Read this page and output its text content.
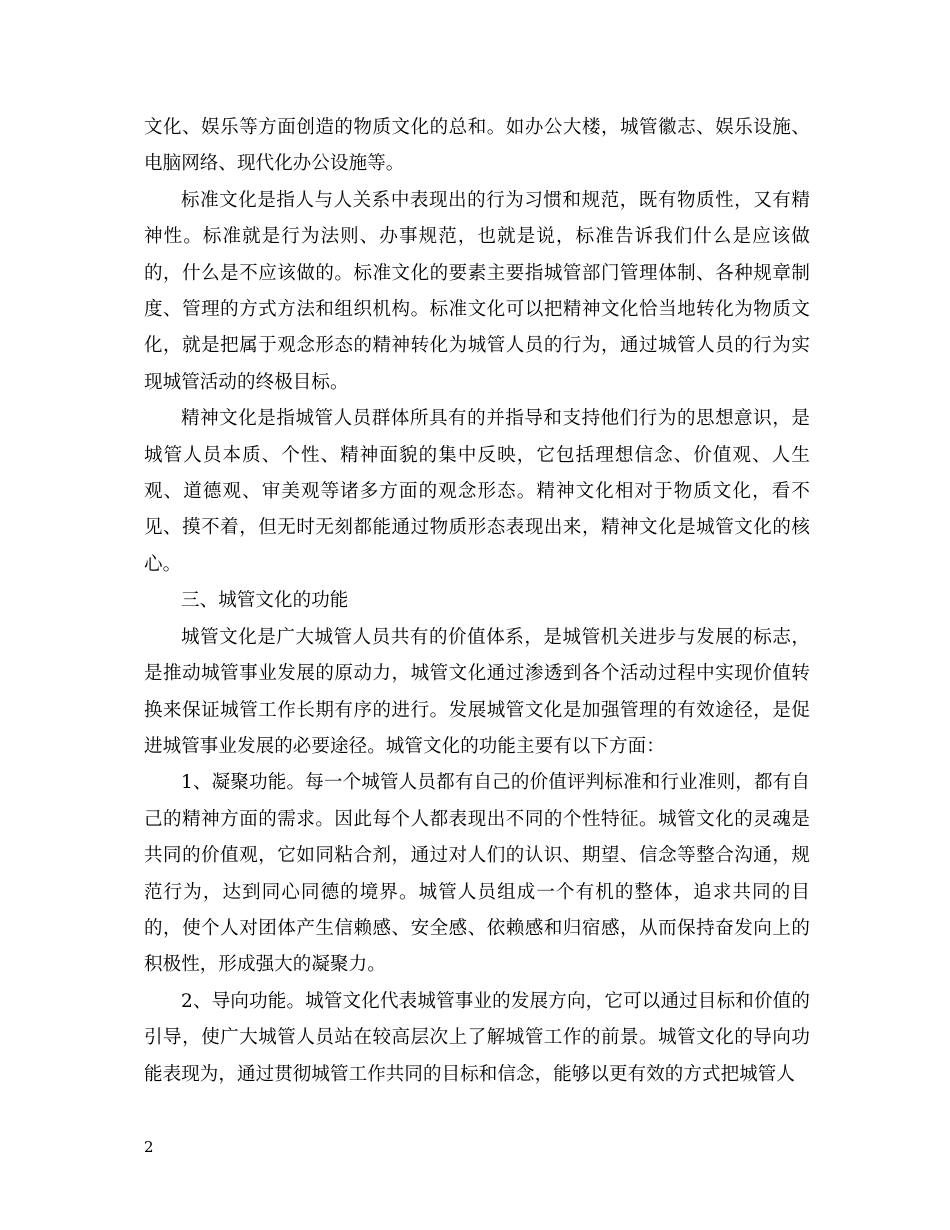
文化、娱乐等方面创造的物质文化的总和。如办公大楼，城管徽志、娱乐设施、电脑网络、现代化办公设施等。

标准文化是指人与人关系中表现出的行为习惯和规范，既有物质性，又有精神性。标准就是行为法则、办事规范，也就是说，标准告诉我们什么是应该做的，什么是不应该做的。标准文化的要素主要指城管部门管理体制、各种规章制度、管理的方式方法和组织机构。标准文化可以把精神文化恰当地转化为物质文化，就是把属于观念形态的精神转化为城管人员的行为，通过城管人员的行为实现城管活动的终极目标。

精神文化是指城管人员群体所具有的并指导和支持他们行为的思想意识，是城管人员本质、个性、精神面貌的集中反映，它包括理想信念、价值观、人生观、道德观、审美观等诸多方面的观念形态。精神文化相对于物质文化，看不见、摸不着，但无时无刻都能通过物质形态表现出来，精神文化是城管文化的核心。

三、城管文化的功能

城管文化是广大城管人员共有的价值体系，是城管机关进步与发展的标志，是推动城管事业发展的原动力，城管文化通过渗透到各个活动过程中实现价值转换来保证城管工作长期有序的进行。发展城管文化是加强管理的有效途径，是促进城管事业发展的必要途径。城管文化的功能主要有以下方面：

1、凝聚功能。每一个城管人员都有自己的价值评判标准和行业准则，都有自己的精神方面的需求。因此每个人都表现出不同的个性特征。城管文化的灵魂是共同的价值观，它如同粘合剂，通过对人们的认识、期望、信念等整合沟通，规范行为，达到同心同德的境界。城管人员组成一个有机的整体，追求共同的目的，使个人对团体产生信赖感、安全感、依赖感和归宿感，从而保持奋发向上的积极性，形成强大的凝聚力。

2、导向功能。城管文化代表城管事业的发展方向，它可以通过目标和价值的引导，使广大城管人员站在较高层次上了解城管工作的前景。城管文化的导向功能表现为，通过贯彻城管工作共同的目标和信念，能够以更有效的方式把城管人

2
